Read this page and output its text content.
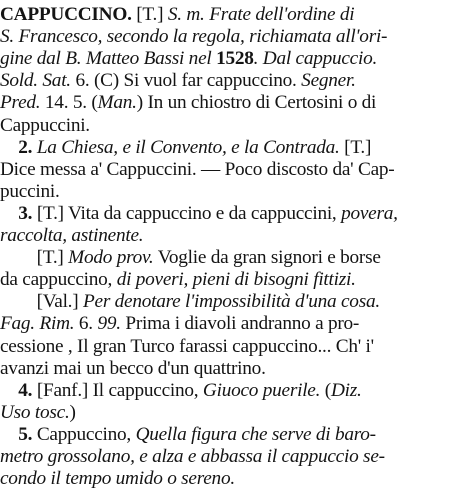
CAPPUCCINO. [T.] S. m. Frate dell'ordine di
S. Francesco, secondo la regola, richiamata all'ori-
gine dal B. Matteo Bassi nel 1528. Dal cappuccio.
Sold. Sat. 6. (C) Si vuol far cappuccino. Segner.
Pred. 14. 5. (Man.) In un chiostro di Certosini o di
Cappuccini.
2. La Chiesa, e il Convento, e la Contrada. [T.]
Dice messa a' Cappuccini. — Poco discosto da' Cap-
puccini.
3. [T.] Vita da cappuccino e da cappuccini, povera,
raccolta, astinente.
[T.] Modo prov. Voglie da gran signori e borse
da cappuccino, di poveri, pieni di bisogni fittizi.
[Val.] Per denotare l'impossibilità d'una cosa.
Fag. Rim. 6. 99. Prima i diavoli andranno a pro-
cessione , Il gran Turco farassi cappuccino... Ch' i'
avanzi mai un becco d'un quattrino.
4. [Fanf.] Il cappuccino, Giuoco puerile. (Diz.
Uso tosc.)
5. Cappuccino, Quella figura che serve di baro-
metro grossolano, e alza e abbassa il cappuccio se-
condo il tempo umido o sereno.
